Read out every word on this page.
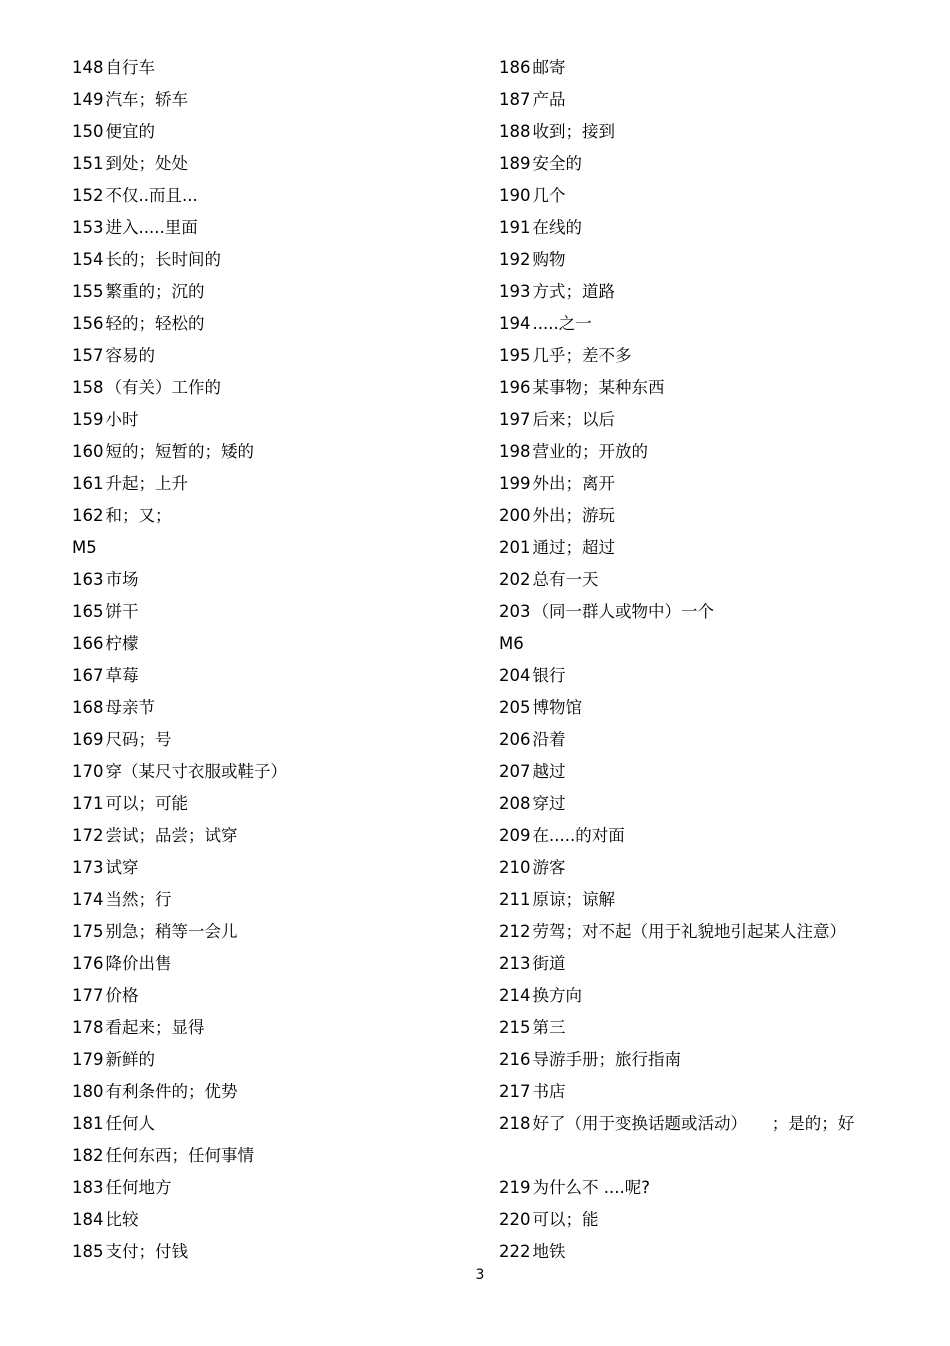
148 自行车
149 汽车；轿车
150 便宜的
151 到处；处处
152 不仅..而且...
153 进入.....里面
154 长的；长时间的
155 繁重的；沉的
156 轻的；轻松的
157 容易的
158 （有关）工作的
159 小时
160 短的；短暂的；矮的
161 升起；上升
162 和；又；
M5
163 市场
165 饼干
166 柠檬
167 草莓
168 母亲节
169 尺码；号
170 穿（某尺寸衣服或鞋子）
171 可以；可能
172 尝试；品尝；试穿
173 试穿
174 当然；行
175 别急；稍等一会儿
176 降价出售
177 价格
178 看起来；显得
179 新鲜的
180 有利条件的；优势
181 任何人
182 任何东西；任何事情
183 任何地方
184 比较
185 支付；付钱
186 邮寄
187 产品
188 收到；接到
189 安全的
190 几个
191 在线的
192 购物
193 方式；道路
194 .....之一
195 几乎；差不多
196 某事物；某种东西
197 后来；以后
198 营业的；开放的
199 外出；离开
200 外出；游玩
201 通过；超过
202 总有一天
203 （同一群人或物中）一个
M6
204 银行
205 博物馆
206 沿着
207 越过
208 穿过
209 在.....的对面
210 游客
211 原谅；谅解
212 劳驾；对不起（用于礼貌地引起某人注意）
213 街道
214 换方向
215 第三
216 导游手册；旅行指南
217 书店
218 好了（用于变换话题或活动）　　；是的；好
219 为什么不 ....呢?
220 可以；能
222 地铁
3
